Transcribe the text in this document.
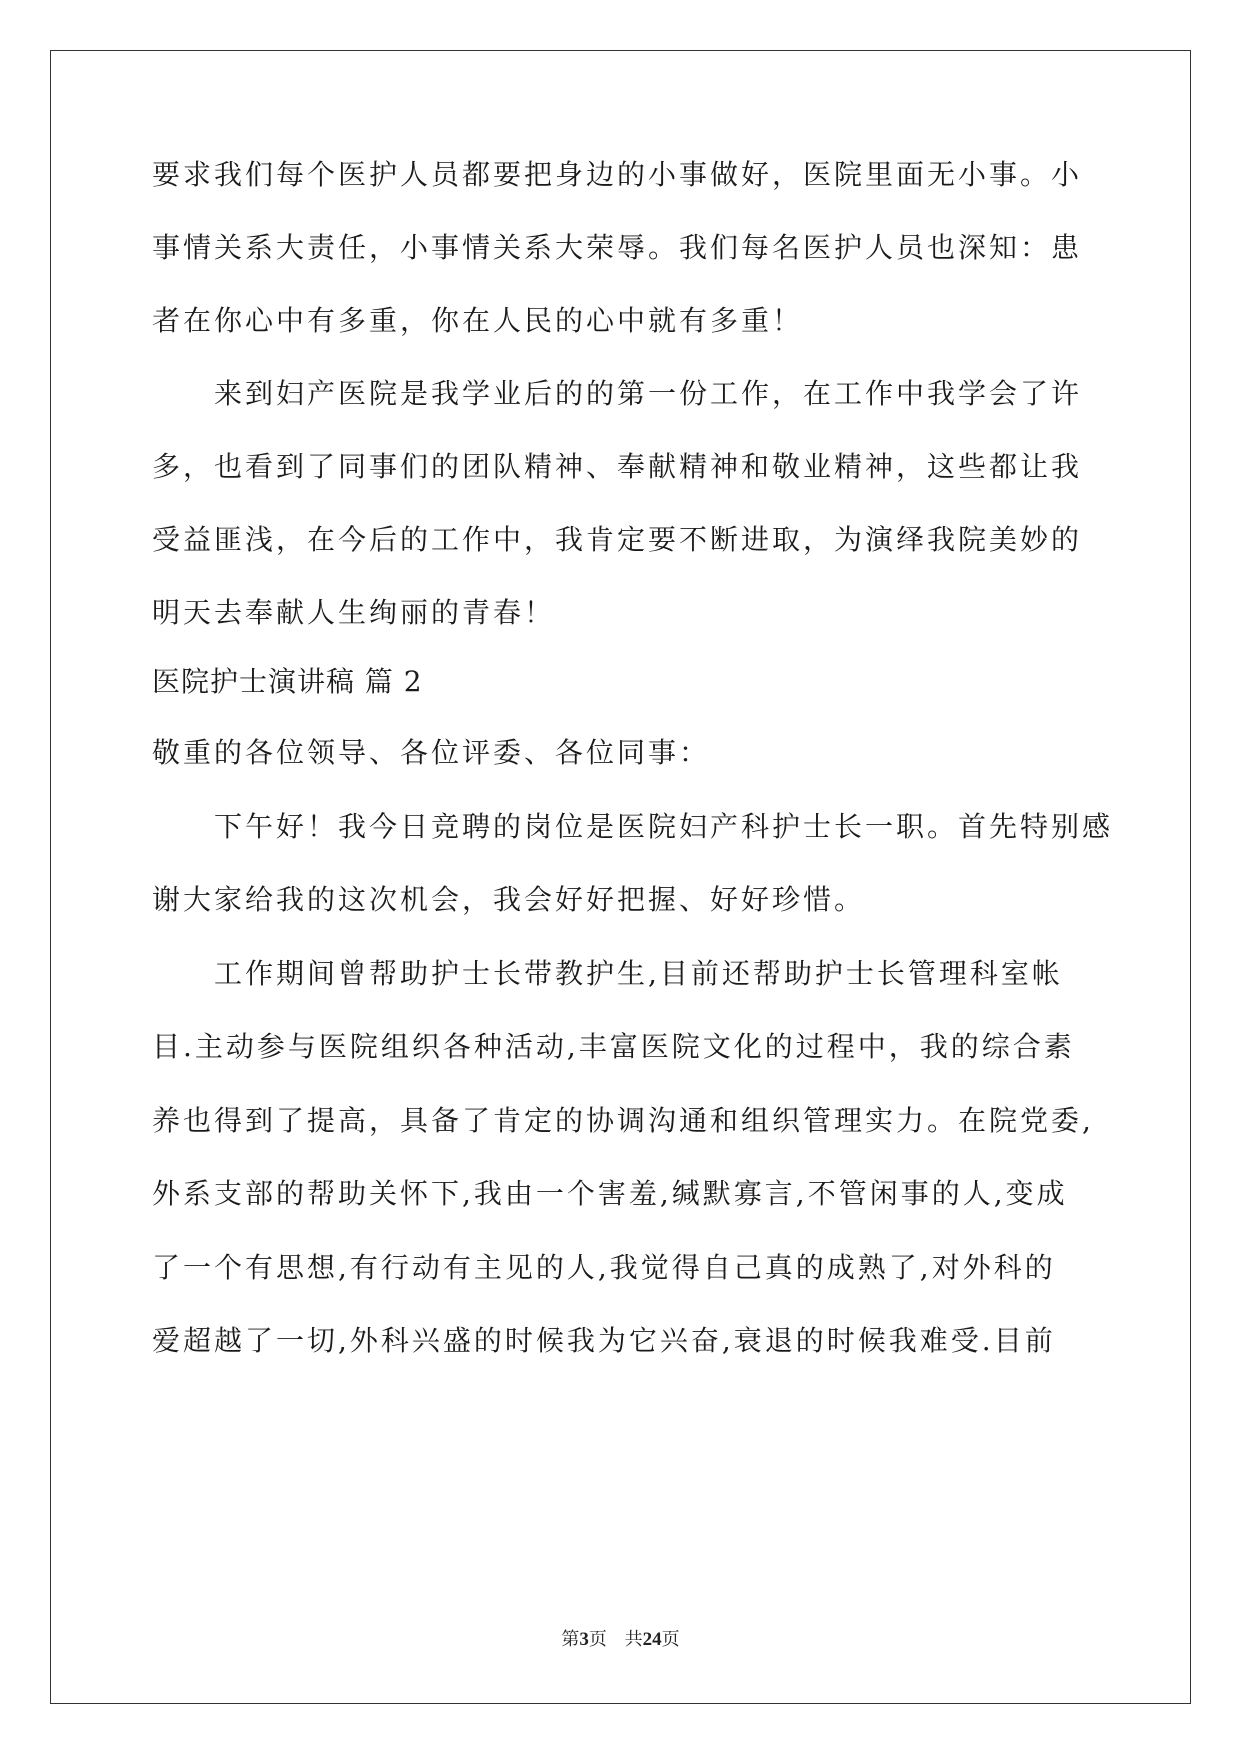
要求我们每个医护人员都要把身边的小事做好，医院里面无小事。小
事情关系大责任，小事情关系大荣辱。我们每名医护人员也深知：患
者在你心中有多重，你在人民的心中就有多重！
来到妇产医院是我学业后的的第一份工作，在工作中我学会了许
多，也看到了同事们的团队精神、奉献精神和敬业精神，这些都让我
受益匪浅，在今后的工作中，我肯定要不断进取，为演绎我院美妙的
明天去奉献人生绚丽的青春！
医院护士演讲稿 篇 2
敬重的各位领导、各位评委、各位同事：
下午好！我今日竞聘的岗位是医院妇产科护士长一职。首先特别感
谢大家给我的这次机会，我会好好把握、好好珍惜。
工作期间曾帮助护士长带教护生,目前还帮助护士长管理科室帐
目.主动参与医院组织各种活动,丰富医院文化的过程中，我的综合素
养也得到了提高，具备了肯定的协调沟通和组织管理实力。在院党委,
外系支部的帮助关怀下,我由一个害羞,缄默寡言,不管闲事的人,变成
了一个有思想,有行动有主见的人,我觉得自己真的成熟了,对外科的
爱超越了一切,外科兴盛的时候我为它兴奋,衰退的时候我难受.目前
第3页 共24页
